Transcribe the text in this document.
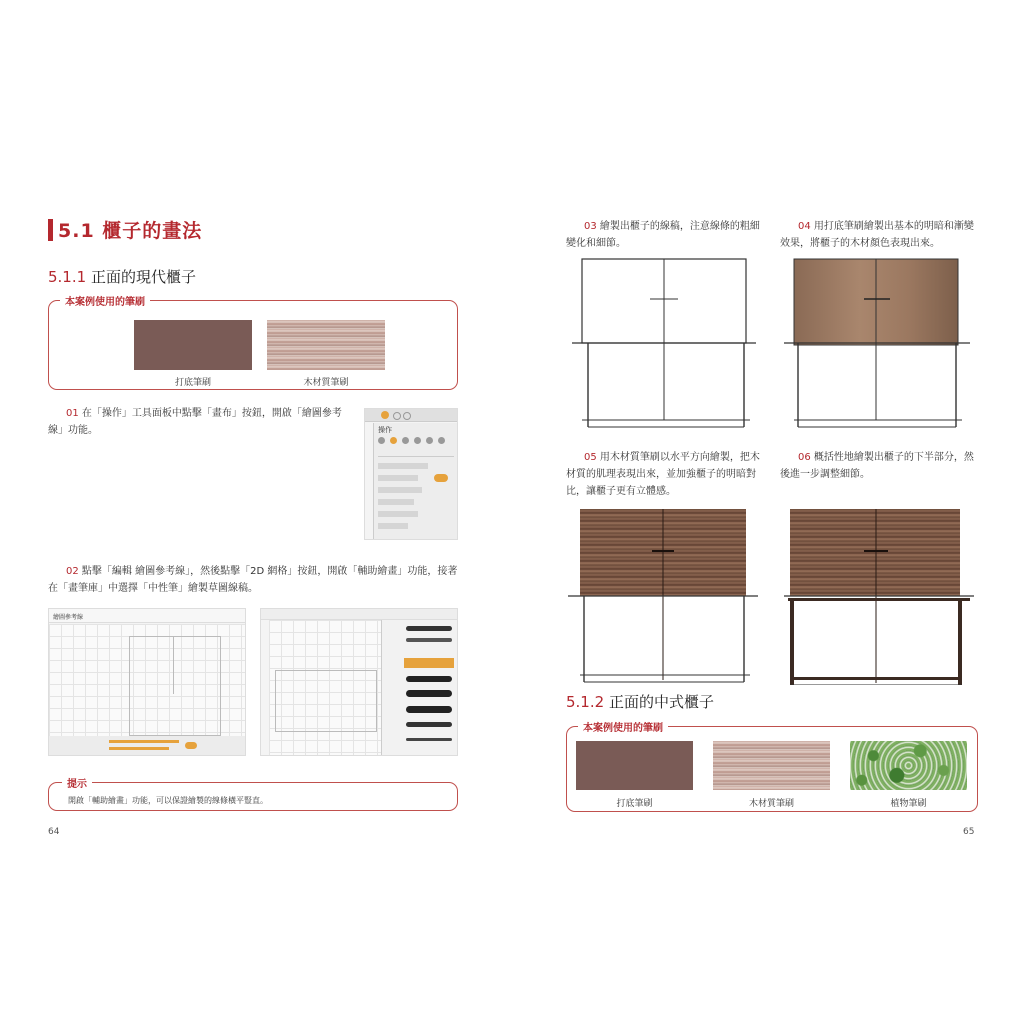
5.1 櫃子的畫法
5.1.1 正面的現代櫃子
本案例使用的筆刷
打底筆刷	木材質筆刷
01 在「操作」工具面板中點擊「畫布」按鈕，開啟「繪圖參考線」功能。	操作
02 點擊「編輯 繪圖參考線」，然後點擊「2D 網格」按鈕，開啟「輔助繪畫」功能，接著在「畫筆庫」中選擇「中性筆」繪製草圖線稿。
繪圖參考線
提示
開啟「輔助繪畫」功能，可以保證繪製的線條橫平豎直。
64
03 繪製出櫃子的線稿，注意線條的粗細變化和細節。
04 用打底筆刷繪製出基本的明暗和漸變效果，將櫃子的木材顏色表現出來。
05 用木材質筆刷以水平方向繪製，把木材質的肌理表現出來，並加強櫃子的明暗對比，讓櫃子更有立體感。
06 概括性地繪製出櫃子的下半部分，然後進一步調整細節。
5.1.2 正面的中式櫃子
本案例使用的筆刷
打底筆刷	木材質筆刷	植物筆刷
65
